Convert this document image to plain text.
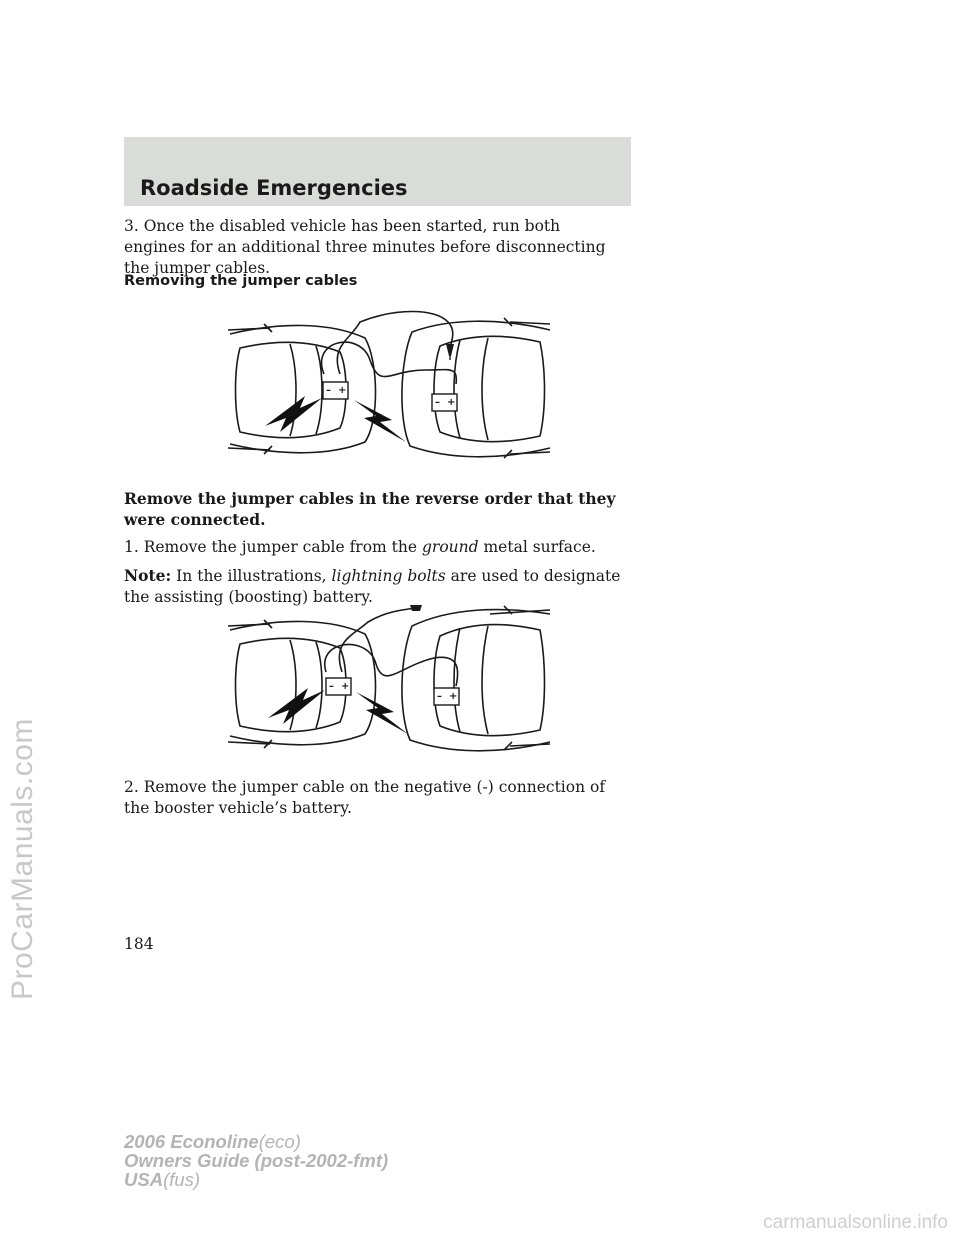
ProCarManuals.com
carmanualsonline.info
Roadside Emergencies

3. Once the disabled vehicle has been started, run both engines for an additional three minutes before disconnecting the jumper cables.

Removing the jumper cables
– +
– +

Remove the jumper cables in the reverse order that they were connected.

1. Remove the jumper cable from the ground metal surface.

Note: In the illustrations, lightning bolts are used to designate the assisting (boosting) battery.

– +
– +

2. Remove the jumper cable on the negative (-) connection of the booster vehicle’s battery.

184

2006 Econoline(eco)
Owners Guide (post-2002-fmt)
USA(fus)
